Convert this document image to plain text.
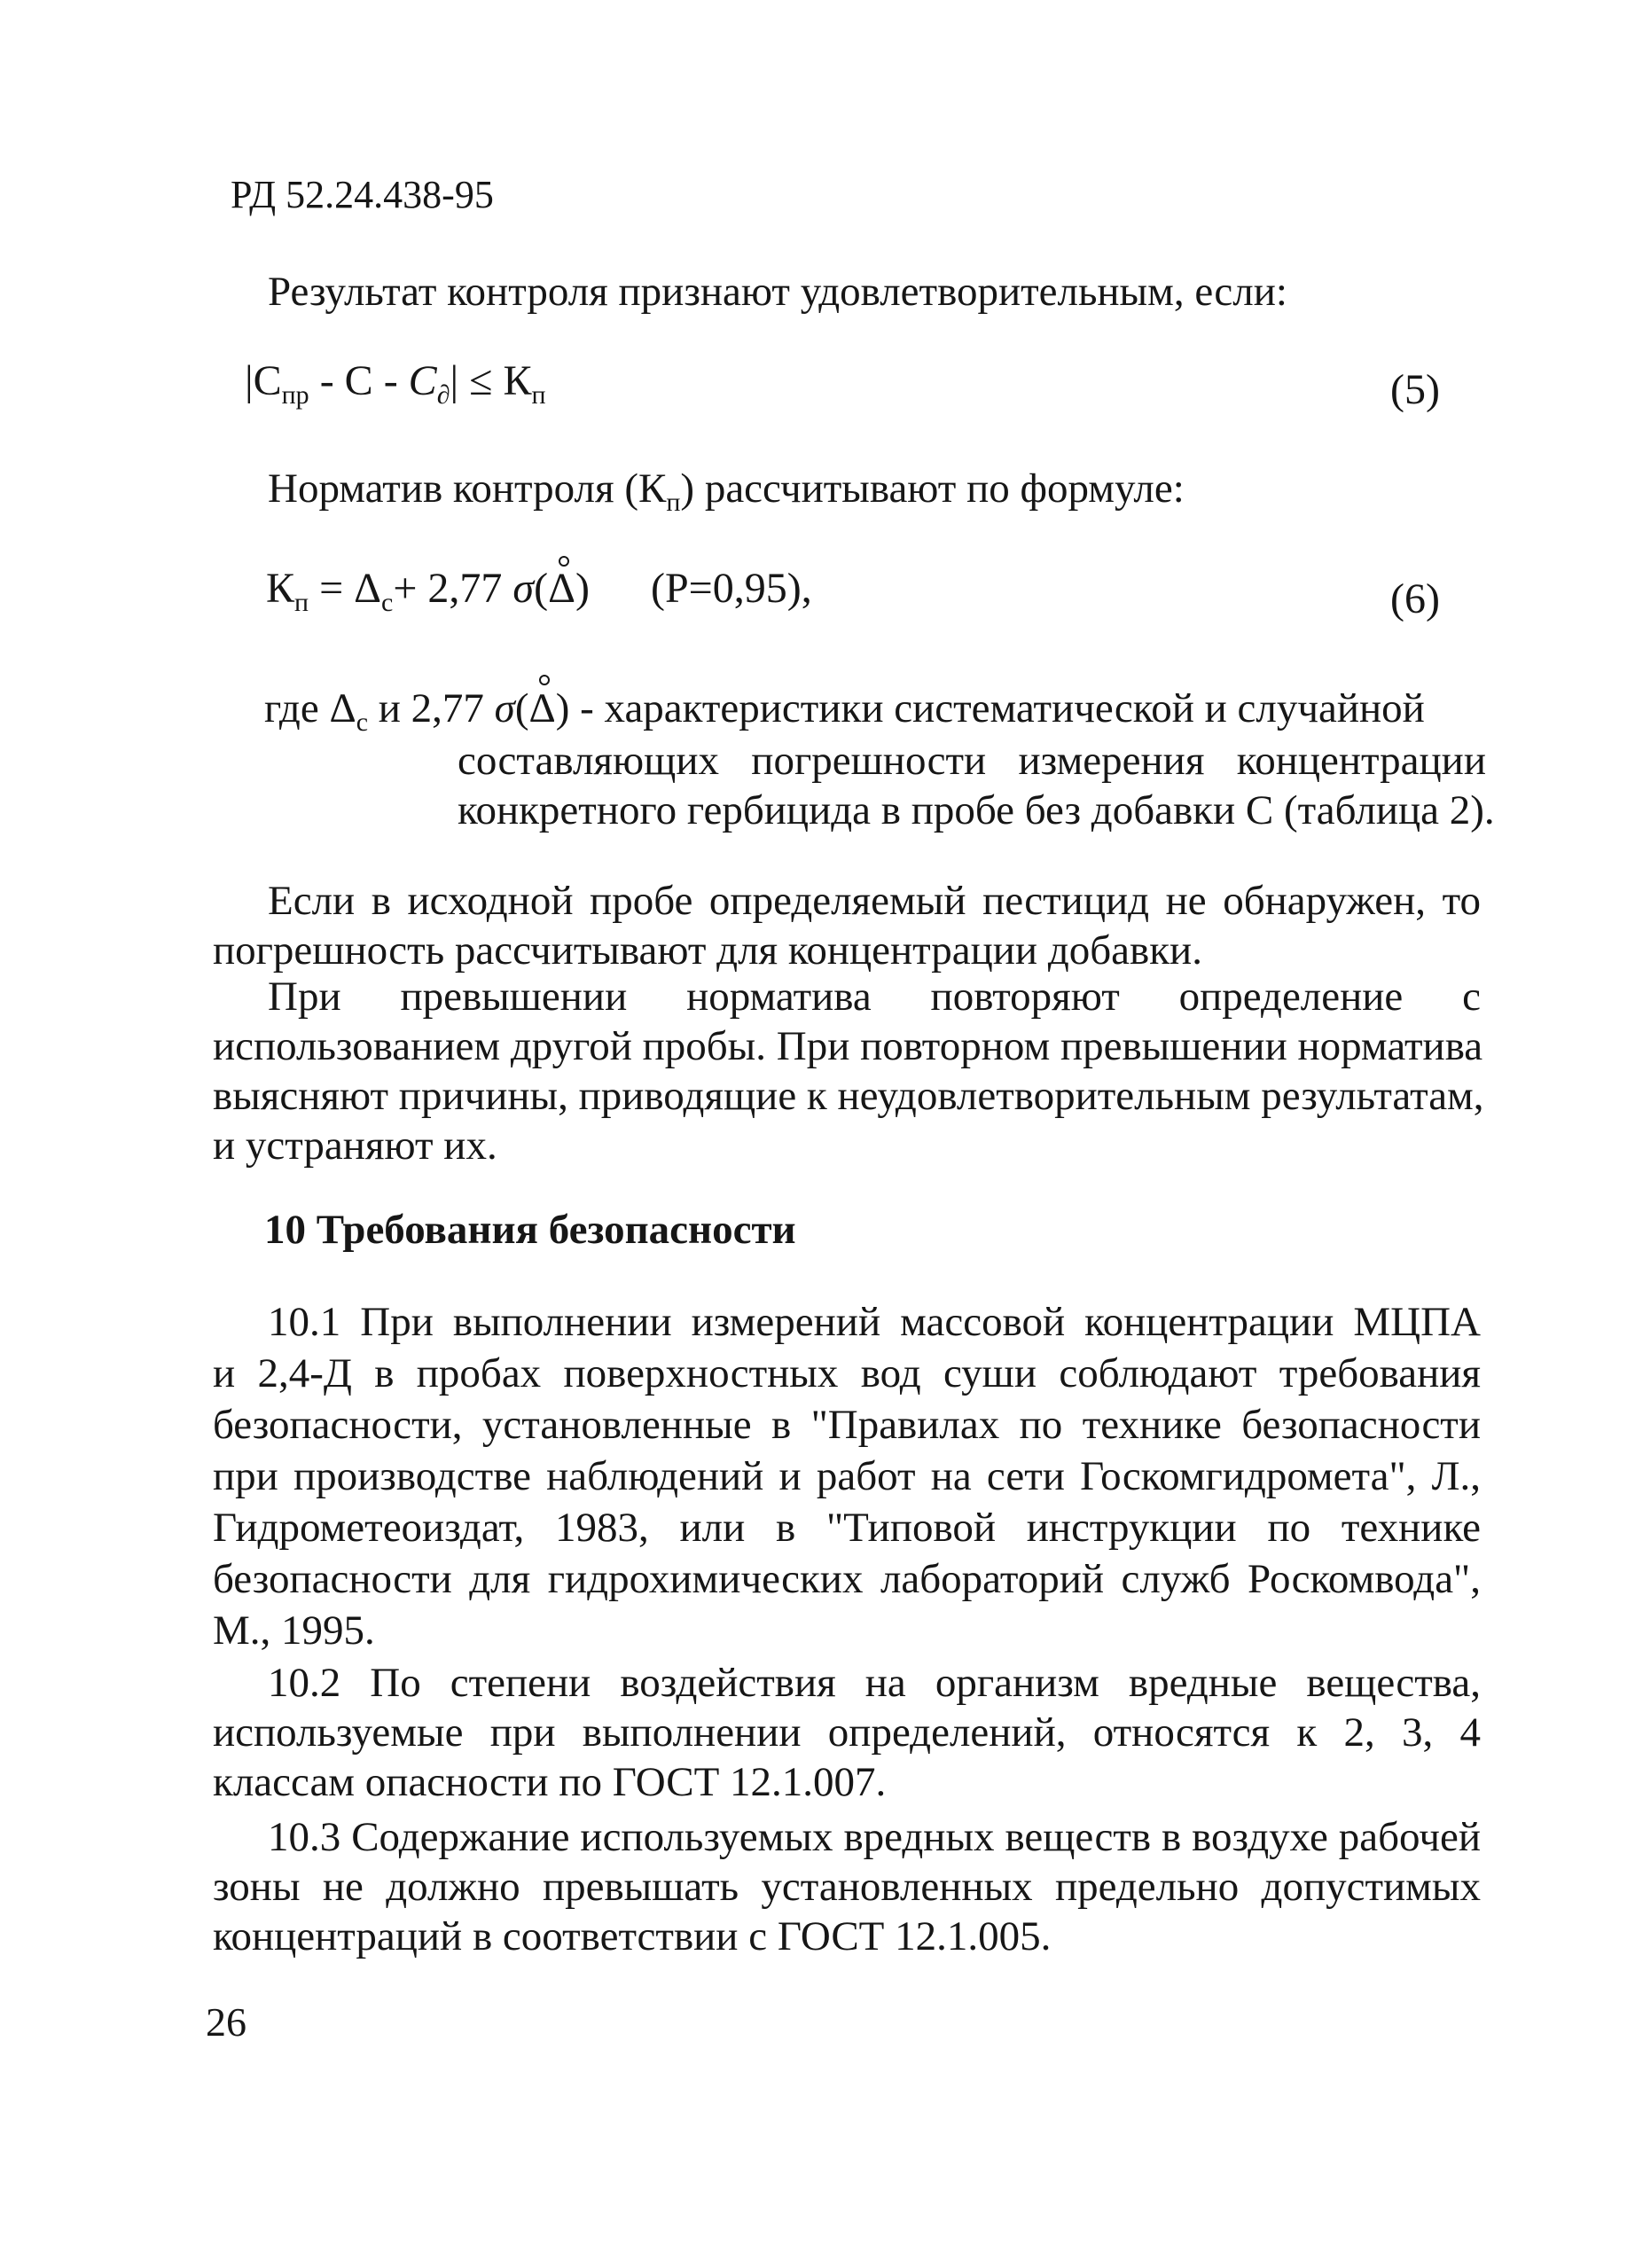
РД 52.24.438-95
Результат контроля признают удовлетворительным, если:
$|С_{пр} - С - C_\partial| \le К_п$	(5)
Норматив контроля $(К_п)$ рассчитывают по формуле:
$К_п = \Delta_с+ 2,77$ σ(Δ) (Р=0,95),	(6)
где $\Delta_с$ и 2,77 σ(Δ) - характеристики систематической и случайной
составляющих погрешности измерения концентрации
конкретного гербицида в пробе без добавки С (таблица 2).
Если в исходной пробе определяемый пестицид не обнаружен, то
погрешность рассчитывают для концентрации добавки.
При превышении норматива повторяют определение с
использованием другой пробы. При повторном превышении норматива
выясняют причины, приводящие к неудовлетворительным результатам,
и устраняют их.
10 Требования безопасности
10.1 При выполнении измерений массовой концентрации МЦПА
и 2,4-Д в пробах поверхностных вод суши соблюдают требования
безопасности, установленные в "Правилах по технике безопасности
при производстве наблюдений и работ на сети Госкомгидромета", Л.,
Гидрометеоиздат, 1983, или в "Типовой инструкции по технике
безопасности для гидрохимических лабораторий служб Роскомвода",
М., 1995.
10.2 По степени воздействия на организм вредные вещества,
используемые при выполнении определений, относятся к 2, 3, 4
классам опасности по ГОСТ 12.1.007.
10.3 Содержание используемых вредных веществ в воздухе рабочей
зоны не должно превышать установленных предельно допустимых
концентраций в соответствии с ГОСТ 12.1.005.
26
